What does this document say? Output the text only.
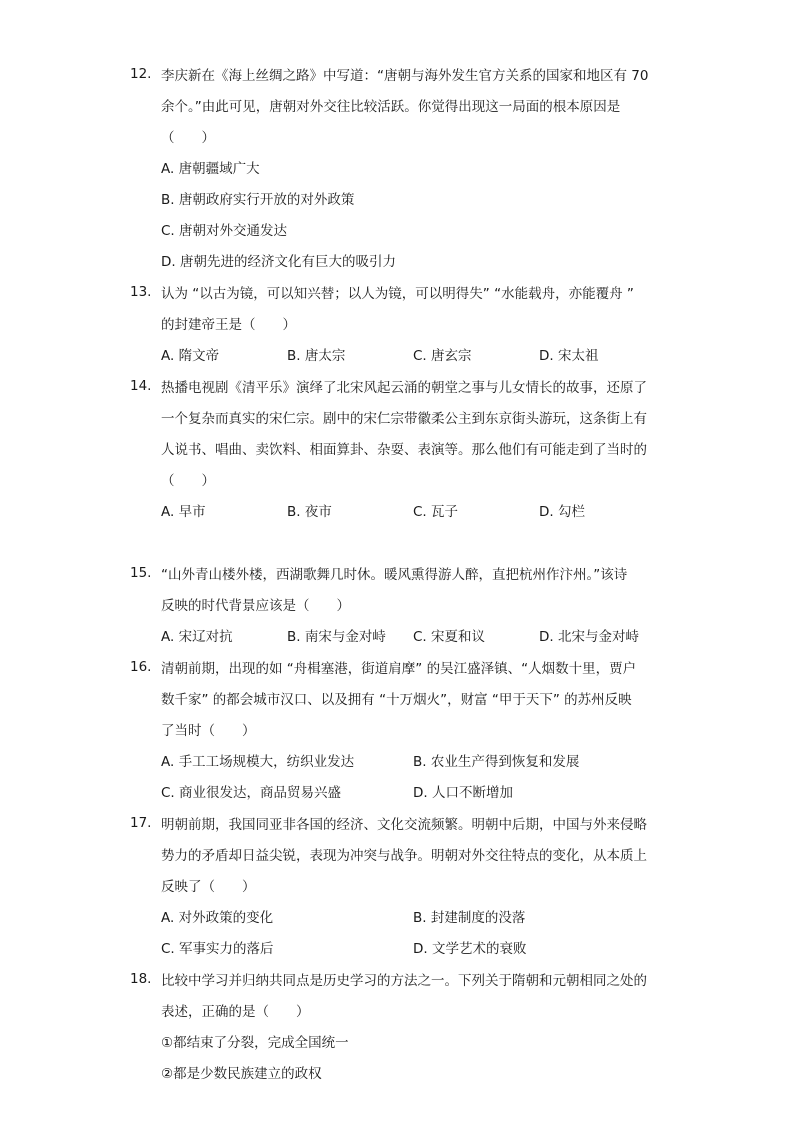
12. 李庆新在《海上丝绸之路》中写道：“唐朝与海外发生官方关系的国家和地区有 70
余个。”由此可见，唐朝对外交往比较活跃。你觉得出现这一局面的根本原因是
（　　）
A. 唐朝疆域广大
B. 唐朝政府实行开放的对外政策
C. 唐朝对外交通发达
D. 唐朝先进的经济文化有巨大的吸引力
13. 认为 “以古为镜，可以知兴替；以人为镜，可以明得失” “水能载舟，亦能覆舟 ”
的封建帝王是（　　）
A. 隋文帝	B. 唐太宗	C. 唐玄宗	D. 宋太祖
14. 热播电视剧《清平乐》演绎了北宋风起云涌的朝堂之事与儿女情长的故事，还原了
一个复杂而真实的宋仁宗。剧中的宋仁宗带徽柔公主到东京街头游玩，这条街上有
人说书、唱曲、卖饮料、相面算卦、杂耍、表演等。那么他们有可能走到了当时的
（　　）
A. 早市	B. 夜市	C. 瓦子	D. 勾栏
15. “山外青山楼外楼，西湖歌舞几时休。暖风熏得游人醉，直把杭州作汴州。”该诗
反映的时代背景应该是（　　）
A. 宋辽对抗	B. 南宋与金对峙 C. 宋夏和议	D. 北宋与金对峙
16. 清朝前期，出现的如 “舟楫塞港，街道肩摩” 的吴江盛泽镇、“人烟数十里，贾户
数千家” 的都会城市汉口、以及拥有 “十万烟火”，财富 “甲于天下” 的苏州反映
了当时（　　）
A. 手工工场规模大，纺织业发达	B. 农业生产得到恢复和发展
C. 商业很发达，商品贸易兴盛	D. 人口不断增加
17. 明朝前期，我国同亚非各国的经济、文化交流频繁。明朝中后期，中国与外来侵略
势力的矛盾却日益尖锐，表现为冲突与战争。明朝对外交往特点的变化，从本质上
反映了（　　）
A. 对外政策的变化	B. 封建制度的没落
C. 军事实力的落后	D. 文学艺术的衰败
18. 比较中学习并归纳共同点是历史学习的方法之一。下列关于隋朝和元朝相同之处的
表述，正确的是（　　）
①都结束了分裂，完成全国统一
②都是少数民族建立的政权
